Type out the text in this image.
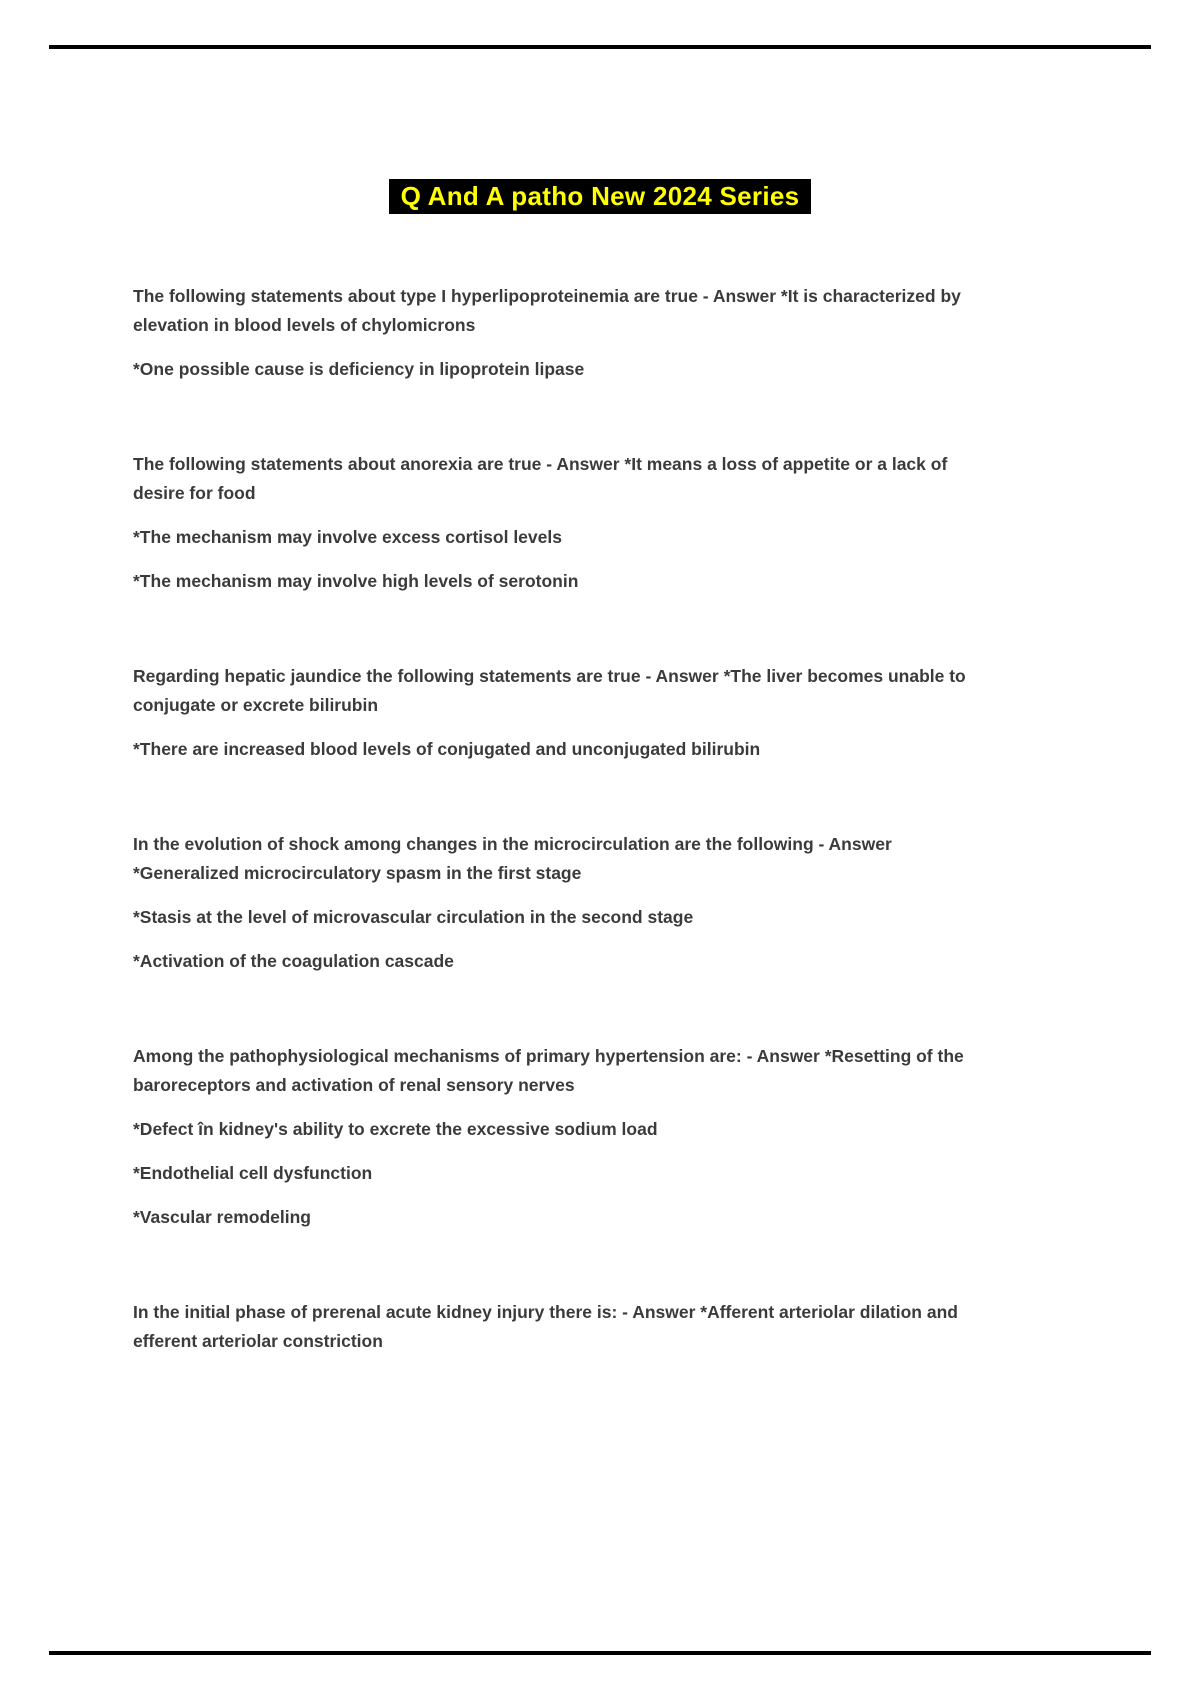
Q And A patho New 2024 Series

The following statements about type I hyperlipoproteinemia are true - Answer *It is characterized by elevation in blood levels of chylomicrons

*One possible cause is deficiency in lipoprotein lipase

The following statements about anorexia are true - Answer *It means a loss of appetite or a lack of desire for food

*The mechanism may involve excess cortisol levels

*The mechanism may involve high levels of serotonin

Regarding hepatic jaundice the following statements are true - Answer *The liver becomes unable to conjugate or excrete bilirubin

*There are increased blood levels of conjugated and unconjugated bilirubin

In the evolution of shock among changes in the microcirculation are the following - Answer *Generalized microcirculatory spasm in the first stage

*Stasis at the level of microvascular circulation in the second stage

*Activation of the coagulation cascade

Among the pathophysiological mechanisms of primary hypertension are: - Answer *Resetting of the baroreceptors and activation of renal sensory nerves

*Defect în kidney's ability to excrete the excessive sodium load

*Endothelial cell dysfunction

*Vascular remodeling

In the initial phase of prerenal acute kidney injury there is: - Answer *Afferent arteriolar dilation and efferent arteriolar constriction
